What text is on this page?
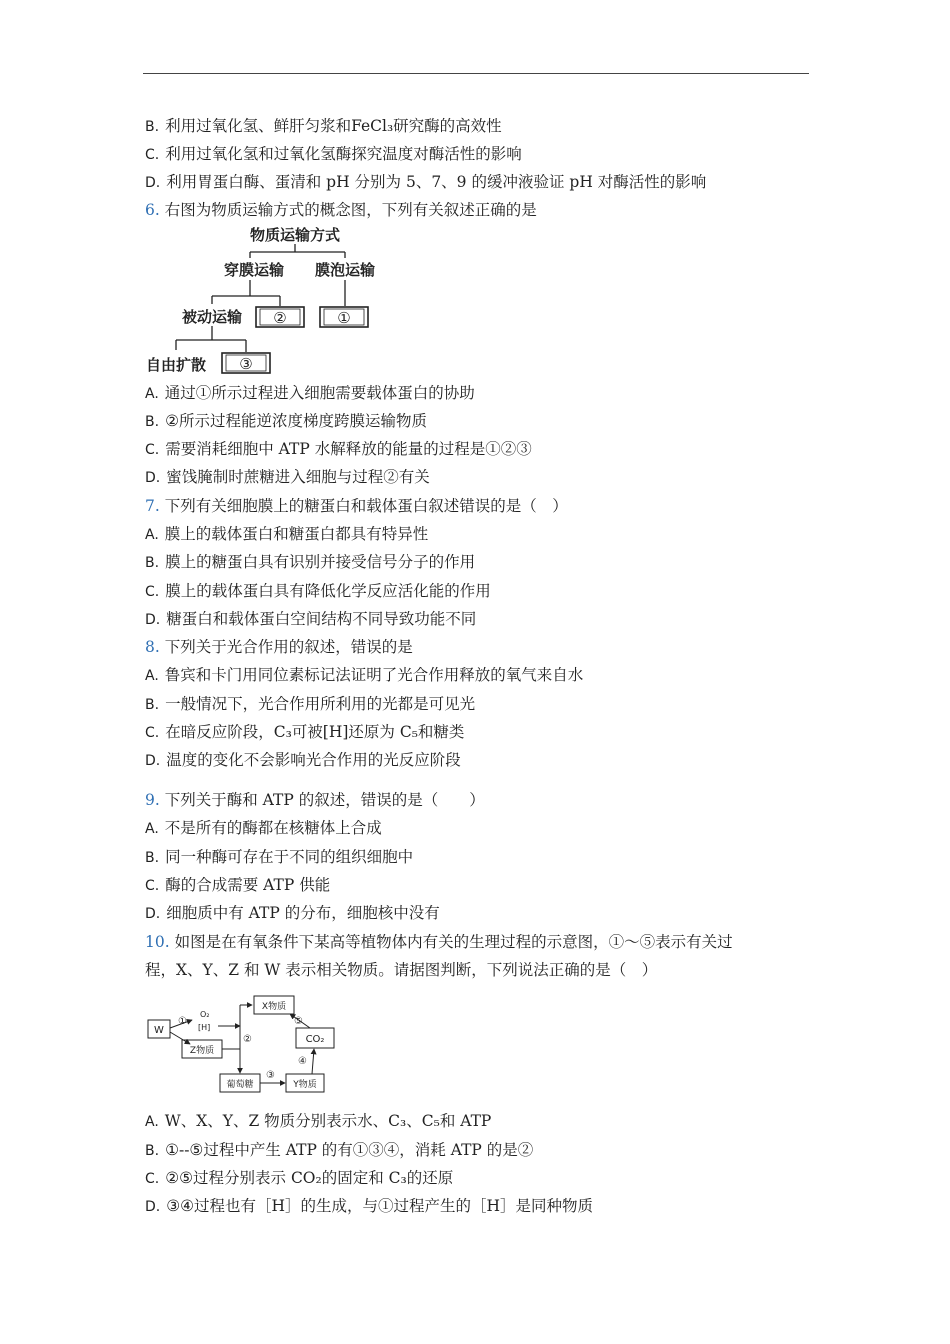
B. 利用过氧化氢、鲜肝匀浆和FeCl₃研究酶的高效性
C. 利用过氧化氢和过氧化氢酶探究温度对酶活性的影响
D. 利用胃蛋白酶、蛋清和 pH 分别为 5、7、9 的缓冲液验证 pH 对酶活性的影响
6. 右图为物质运输方式的概念图，下列有关叙述正确的是
物质运输方式
穿膜运输 膜泡运输
被动运输 ②	①
自由扩散 ③
A. 通过①所示过程进入细胞需要载体蛋白的协助
B. ②所示过程能逆浓度梯度跨膜运输物质
C. 需要消耗细胞中 ATP 水解释放的能量的过程是①②③
D. 蜜饯腌制时蔗糖进入细胞与过程②有关
7. 下列有关细胞膜上的糖蛋白和载体蛋白叙述错误的是（　）
A. 膜上的载体蛋白和糖蛋白都具有特异性
B. 膜上的糖蛋白具有识别并接受信号分子的作用
C. 膜上的载体蛋白具有降低化学反应活化能的作用
D. 糖蛋白和载体蛋白空间结构不同导致功能不同
8. 下列关于光合作用的叙述，错误的是
A. 鲁宾和卡门用同位素标记法证明了光合作用释放的氧气来自水
B. 一般情况下，光合作用所利用的光都是可见光
C. 在暗反应阶段，C₃可被[H]还原为 C₅和糖类
D. 温度的变化不会影响光合作用的光反应阶段
9. 下列关于酶和 ATP 的叙述，错误的是（　　）
A. 不是所有的酶都在核糖体上合成
B. 同一种酶可存在于不同的组织细胞中
C. 酶的合成需要 ATP 供能
D. 细胞质中有 ATP 的分布，细胞核中没有
10. 如图是在有氧条件下某高等植物体内有关的生理过程的示意图，①～⑤表示有关过
程，X、Y、Z 和 W 表示相关物质。请据图判断，下列说法正确的是（　）
W
X物质
Z物质
CO₂
葡萄糖	Y物质
O₂
[H]
①
②
③
④
⑤
A. W、X、Y、Z 物质分别表示水、C₃、C₅和 ATP
B. ①--⑤过程中产生 ATP 的有①③④，消耗 ATP 的是②
C. ②⑤过程分别表示 CO₂的固定和 C₃的还原
D. ③④过程也有［H］的生成，与①过程产生的［H］是同种物质
